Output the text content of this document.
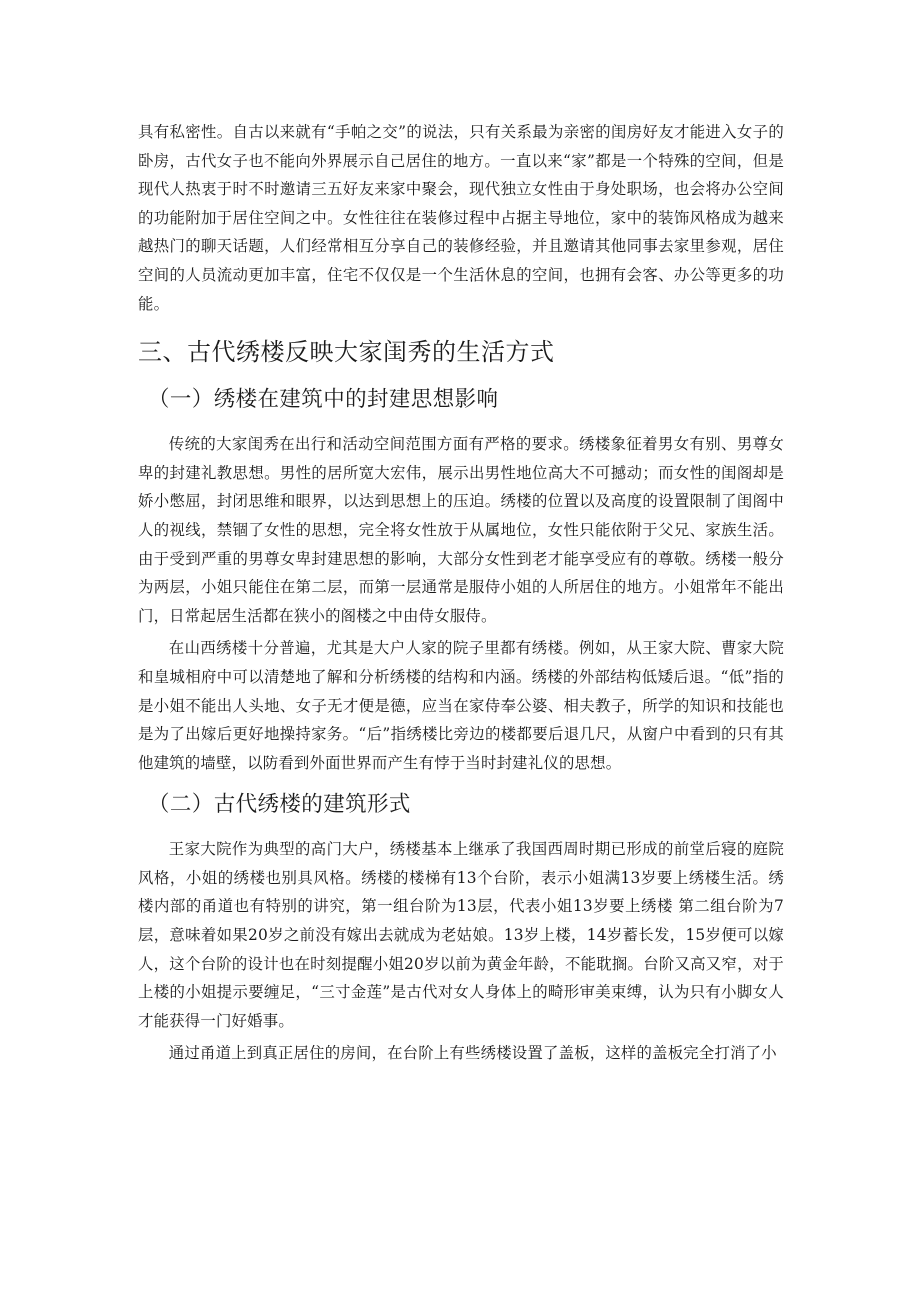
具有私密性。自古以来就有“手帕之交”的说法，只有关系最为亲密的闺房好友才能进入女子的卧房，古代女子也不能向外界展示自己居住的地方。一直以来“家”都是一个特殊的空间，但是现代人热衷于时不时邀请三五好友来家中聚会，现代独立女性由于身处职场，也会将办公空间的功能附加于居住空间之中。女性往往在装修过程中占据主导地位，家中的装饰风格成为越来越热门的聊天话题，人们经常相互分享自己的装修经验，并且邀请其他同事去家里参观，居住空间的人员流动更加丰富，住宅不仅仅是一个生活休息的空间，也拥有会客、办公等更多的功能。

三、古代绣楼反映大家闺秀的生活方式
（一）绣楼在建筑中的封建思想影响

传统的大家闺秀在出行和活动空间范围方面有严格的要求。绣楼象征着男女有别、男尊女卑的封建礼教思想。男性的居所宽大宏伟，展示出男性地位高大不可撼动；而女性的闺阁却是娇小憋屈，封闭思维和眼界，以达到思想上的压迫。绣楼的位置以及高度的设置限制了闺阁中人的视线，禁锢了女性的思想，完全将女性放于从属地位，女性只能依附于父兄、家族生活。由于受到严重的男尊女卑封建思想的影响，大部分女性到老才能享受应有的尊敬。绣楼一般分为两层，小姐只能住在第二层，而第一层通常是服侍小姐的人所居住的地方。小姐常年不能出门，日常起居生活都在狭小的阁楼之中由侍女服侍。

在山西绣楼十分普遍，尤其是大户人家的院子里都有绣楼。例如，从王家大院、曹家大院和皇城相府中可以清楚地了解和分析绣楼的结构和内涵。绣楼的外部结构低矮后退。“低”指的是小姐不能出人头地、女子无才便是德，应当在家侍奉公婆、相夫教子，所学的知识和技能也是为了出嫁后更好地操持家务。“后”指绣楼比旁边的楼都要后退几尺，从窗户中看到的只有其他建筑的墙壁，以防看到外面世界而产生有悖于当时封建礼仪的思想。

（二）古代绣楼的建筑形式

王家大院作为典型的高门大户，绣楼基本上继承了我国西周时期已形成的前堂后寝的庭院风格，小姐的绣楼也别具风格。绣楼的楼梯有13个台阶，表示小姐满13岁要上绣楼生活。绣楼内部的甬道也有特别的讲究，第一组台阶为13层，代表小姐13岁要上绣楼 第二组台阶为7层，意味着如果20岁之前没有嫁出去就成为老姑娘。13岁上楼，14岁蓄长发，15岁便可以嫁人，这个台阶的设计也在时刻提醒小姐20岁以前为黄金年龄，不能耽搁。台阶又高又窄，对于上楼的小姐提示要缠足，“三寸金莲”是古代对女人身体上的畸形审美束缚，认为只有小脚女人才能获得一门好婚事。

通过甬道上到真正居住的房间，在台阶上有些绣楼设置了盖板，这样的盖板完全打消了小
